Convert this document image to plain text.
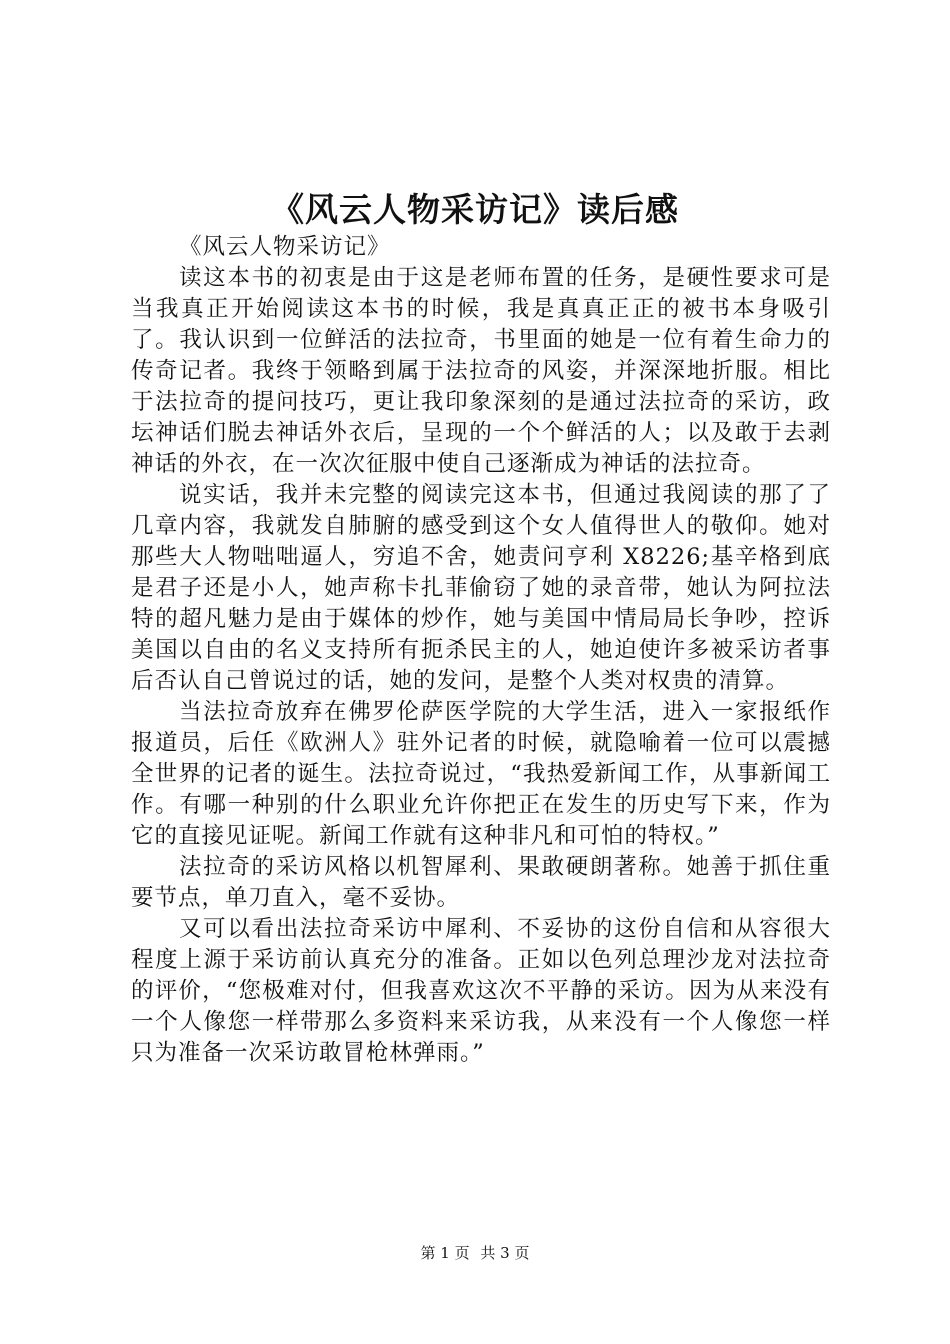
《风云人物采访记》读后感

《风云人物采访记》

读这本书的初衷是由于这是老师布置的任务，是硬性要求可是当我真正开始阅读这本书的时候，我是真真正正的被书本身吸引了。我认识到一位鲜活的法拉奇，书里面的她是一位有着生命力的传奇记者。我终于领略到属于法拉奇的风姿，并深深地折服。相比于法拉奇的提问技巧，更让我印象深刻的是通过法拉奇的采访，政坛神话们脱去神话外衣后，呈现的一个个鲜活的人；以及敢于去剥神话的外衣，在一次次征服中使自己逐渐成为神话的法拉奇。

说实话，我并未完整的阅读完这本书，但通过我阅读的那了了几章内容，我就发自肺腑的感受到这个女人值得世人的敬仰。她对那些大人物咄咄逼人，穷追不舍，她责问亨利 X8226;基辛格到底是君子还是小人，她声称卡扎菲偷窃了她的录音带，她认为阿拉法特的超凡魅力是由于媒体的炒作，她与美国中情局局长争吵，控诉美国以自由的名义支持所有扼杀民主的人，她迫使许多被采访者事后否认自己曾说过的话，她的发问，是整个人类对权贵的清算。

当法拉奇放弃在佛罗伦萨医学院的大学生活，进入一家报纸作报道员，后任《欧洲人》驻外记者的时候，就隐喻着一位可以震撼全世界的记者的诞生。法拉奇说过，“我热爱新闻工作，从事新闻工作。有哪一种别的什么职业允许你把正在发生的历史写下来，作为它的直接见证呢。新闻工作就有这种非凡和可怕的特权。”

法拉奇的采访风格以机智犀利、果敢硬朗著称。她善于抓住重要节点，单刀直入，毫不妥协。

又可以看出法拉奇采访中犀利、不妥协的这份自信和从容很大程度上源于采访前认真充分的准备。正如以色列总理沙龙对法拉奇的评价，“您极难对付，但我喜欢这次不平静的采访。因为从来没有一个人像您一样带那么多资料来采访我，从来没有一个人像您一样只为准备一次采访敢冒枪林弹雨。”

第 1 页 共 3 页
